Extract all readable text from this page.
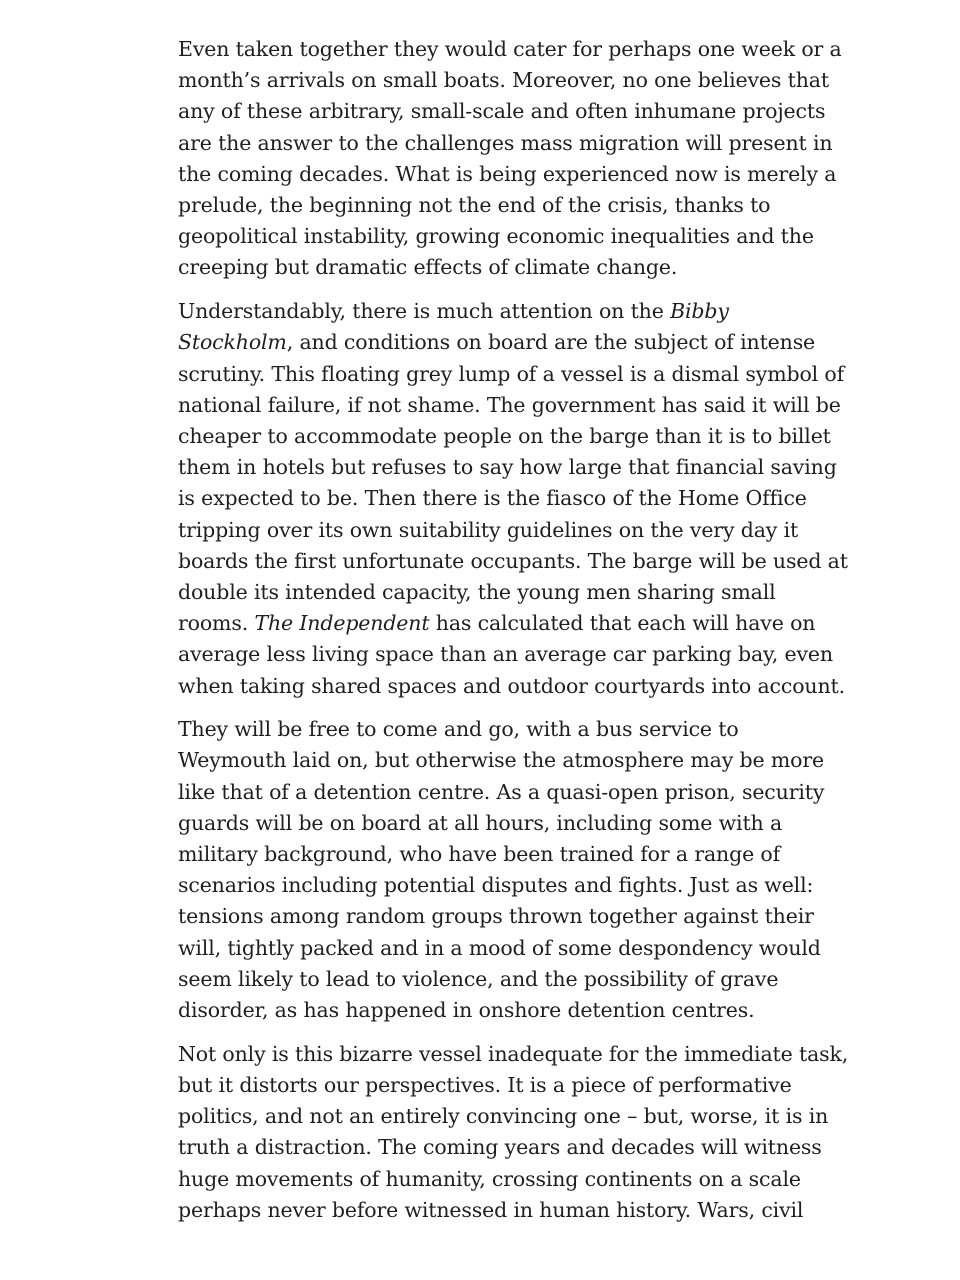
Even taken together they would cater for perhaps one week or a
month’s arrivals on small boats. Moreover, no one believes that
any of these arbitrary, small-scale and often inhumane projects
are the answer to the challenges mass migration will present in
the coming decades. What is being experienced now is merely a
prelude, the beginning not the end of the crisis, thanks to
geopolitical instability, growing economic inequalities and the
creeping but dramatic effects of climate change.

Understandably, there is much attention on the Bibby
Stockholm, and conditions on board are the subject of intense
scrutiny. This floating grey lump of a vessel is a dismal symbol of
national failure, if not shame. The government has said it will be
cheaper to accommodate people on the barge than it is to billet
them in hotels but refuses to say how large that financial saving
is expected to be. Then there is the fiasco of the Home Office
tripping over its own suitability guidelines on the very day it
boards the first unfortunate occupants. The barge will be used at
double its intended capacity, the young men sharing small
rooms. The Independent has calculated that each will have on
average less living space than an average car parking bay, even
when taking shared spaces and outdoor courtyards into account.

They will be free to come and go, with a bus service to
Weymouth laid on, but otherwise the atmosphere may be more
like that of a detention centre. As a quasi-open prison, security
guards will be on board at all hours, including some with a
military background, who have been trained for a range of
scenarios including potential disputes and fights. Just as well:
tensions among random groups thrown together against their
will, tightly packed and in a mood of some despondency would
seem likely to lead to violence, and the possibility of grave
disorder, as has happened in onshore detention centres.

Not only is this bizarre vessel inadequate for the immediate task,
but it distorts our perspectives. It is a piece of performative
politics, and not an entirely convincing one – but, worse, it is in
truth a distraction. The coming years and decades will witness
huge movements of humanity, crossing continents on a scale
perhaps never before witnessed in human history. Wars, civil
